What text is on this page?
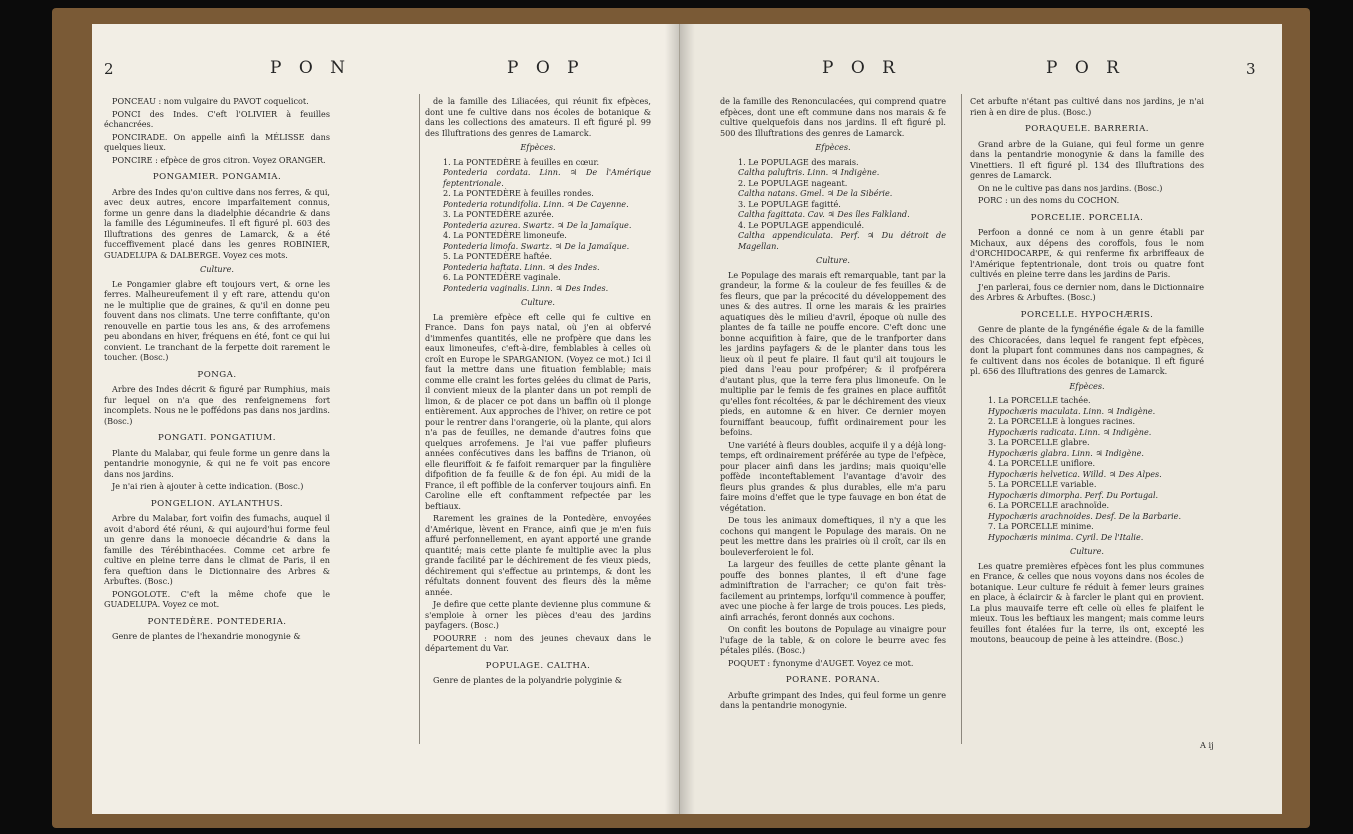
2	P O N	P O P

PONCEAU : nom vulgaire du PAVOT coquelicot.

PONCI des Indes. C'eft l'OLIVIER à feuilles échancrées.

PONCIRADE. On appelle ainfi la MÉLISSE dans quelques lieux.

PONCIRE : efpèce de gros citron. Voyez ORANGER.

PONGAMIER. PONGAMIA.

Arbre des Indes qu'on cultive dans nos ferres, & qui, avec deux autres, encore imparfaitement connus, forme un genre dans la diadelphie décandrie & dans la famille des Légumineufes. Il eft figuré pl. 603 des Illuftrations des genres de Lamarck, & a été fucceffivement placé dans les genres ROBINIER, GUADELUPA & DALBERGE. Voyez ces mots.

Culture.

Le Pongamier glabre eft toujours vert, & orne les ferres. Malheureufement il y eft rare, attendu qu'on ne le multiplie que de graines, & qu'il en donne peu fouvent dans nos climats. Une terre confiftante, qu'on renouvelle en partie tous les ans, & des arrofemens peu abondans en hiver, fréquens en été, font ce qui lui convient. Le tranchant de la ferpette doit rarement le toucher. (Bosc.)

PONGA.

Arbre des Indes décrit & figuré par Rumphius, mais fur lequel on n'a que des renfeignemens fort incomplets. Nous ne le poffédons pas dans nos jardins. (Bosc.)

PONGATI. PONGATIUM.

Plante du Malabar, qui feule forme un genre dans la pentandrie monogynie, & qui ne fe voit pas encore dans nos jardins.

Je n'ai rien à ajouter à cette indication. (Bosc.)

PONGELION. AYLANTHUS.

Arbre du Malabar, fort voifin des fumachs, auquel il avoit d'abord été réuni, & qui aujourd'hui forme feul un genre dans la monoecie décandrie & dans la famille des Térébinthacées. Comme cet arbre fe cultive en pleine terre dans le climat de Paris, il en fera queftion dans le Dictionnaire des Arbres & Arbuftes. (Bosc.)

PONGOLOTE. C'eft la même chofe que le GUADELUPA. Voyez ce mot.

PONTEDÈRE. PONTEDERIA.

Genre de plantes de l'hexandrie monogynie &

de la famille des Liliacées, qui réunit fix efpèces, dont une fe cultive dans nos écoles de botanique & dans les collections des amateurs. Il eft figuré pl. 99 des Illuftrations des genres de Lamarck.

Efpèces.

1. La PONTEDÈRE à feuilles en cœur.

Pontederia cordata. Linn. ♃ De l'Amérique feptentrionale.

2. La PONTEDÈRE à feuilles rondes.

Pontederia rotundifolia. Linn. ♃ De Cayenne.

3. La PONTEDÈRE azurée.

Pontederia azurea. Swartz. ♃ De la Jamaïque.

4. La PONTEDÈRE limoneufe.

Pontederia limofa. Swartz. ♃ De la Jamaïque.

5. La PONTEDÈRE haftée.

Pontederia haftata. Linn. ♃ des Indes.

6. La PONTEDÈRE vaginale.

Pontederia vaginalis. Linn. ♃ Des Indes.

Culture.

La première efpèce eft celle qui fe cultive en France. Dans fon pays natal, où j'en ai obfervé d'immenfes quantités, elle ne profpère que dans les eaux limoneufes, c'eft-à-dire, femblables à celles où croît en Europe le SPARGANION. (Voyez ce mot.) Ici il faut la mettre dans une fituation femblable; mais comme elle craint les fortes gelées du climat de Paris, il convient mieux de la planter dans un pot rempli de limon, & de placer ce pot dans un baffin où il plonge entièrement. Aux approches de l'hiver, on retire ce pot pour le rentrer dans l'orangerie, où la plante, qui alors n'a pas de feuilles, ne demande d'autres foins que quelques arrofemens. Je l'ai vue paffer plufieurs années confécutives dans les baffins de Trianon, où elle fleuriffoit & fe faifoit remarquer par la fingulière difpofition de fa feuille & de fon épi. Au midi de la France, il eft poffible de la conferver toujours ainfi. En Caroline elle eft conftamment refpectée par les beftiaux.

Rarement les graines de la Pontedère, envoyées d'Amérique, lèvent en France, ainfi que je m'en fuis affuré perfonnellement, en ayant apporté une grande quantité; mais cette plante fe multiplie avec la plus grande facilité par le déchirement de fes vieux pieds, déchirement qui s'effectue au printemps, & dont les réfultats donnent fouvent des fleurs dès la même année.

Je defire que cette plante devienne plus commune & s'emploie à orner les pièces d'eau des jardins payfagers. (Bosc.)

POOURRE : nom des jeunes chevaux dans le département du Var.

POPULAGE. CALTHA.

Genre de plantes de la polyandrie polyginie &

P O R	P O R	3

de la famille des Renonculacées, qui comprend quatre efpèces, dont une eft commune dans nos marais & fe cultive quelquefois dans nos jardins. Il eft figuré pl. 500 des Illuftrations des genres de Lamarck.

Efpèces.

1. Le POPULAGE des marais.

Caltha paluftris. Linn. ♃ Indigène.

2. Le POPULAGE nageant.

Caltha natans. Gmel. ♃ De la Sibérie.

3. Le POPULAGE fagitté.

Caltha fagittata. Cav. ♃ Des îles Falkland.

4. Le POPULAGE appendiculé.

Caltha appendiculata. Perf. ♃ Du détroit de Magellan.

Culture.

Le Populage des marais eft remarquable, tant par la grandeur, la forme & la couleur de fes feuilles & de fes fleurs, que par la précocité du développement des unes & des autres. Il orne les marais & les prairies aquatiques dès le milieu d'avril, époque où nulle des plantes de fa taille ne pouffe encore. C'eft donc une bonne acquifition à faire, que de le tranfporter dans les jardins payfagers & de le planter dans tous les lieux où il peut fe plaire. Il faut qu'il ait toujours le pied dans l'eau pour profpérer; & il profpérera d'autant plus, que la terre fera plus limoneufe. On le multiplie par le femis de fes graines en place auffitôt qu'elles font récoltées, & par le déchirement des vieux pieds, en automne & en hiver. Ce dernier moyen fourniffant beaucoup, fuffit ordinairement pour les befoins.

Une variété à fleurs doubles, acquife il y a déjà long-temps, eft ordinairement préférée au type de l'efpèce, pour placer ainfi dans les jardins; mais quoiqu'elle poffède inconteftablement l'avantage d'avoir des fleurs plus grandes & plus durables, elle m'a paru faire moins d'effet que le type fauvage en bon état de végétation.

De tous les animaux domeftiques, il n'y a que les cochons qui mangent le Populage des marais. On ne peut les mettre dans les prairies où il croît, car ils en bouleverferoient le fol.

La largeur des feuilles de cette plante gênant la pouffe des bonnes plantes, il eft d'une fage adminiftration de l'arracher; ce qu'on fait très-facilement au printemps, lorfqu'il commence à pouffer, avec une pioche à fer large de trois pouces. Les pieds, ainfi arrachés, feront donnés aux cochons.

On confit les boutons de Populage au vinaigre pour l'ufage de la table, & on colore le beurre avec fes pétales pilés. (Bosc.)

POQUET : fynonyme d'AUGET. Voyez ce mot.

PORANE. PORANA.

Arbufte grimpant des Indes, qui feul forme un genre dans la pentandrie monogynie.

Cet arbufte n'étant pas cultivé dans nos jardins, je n'ai rien à en dire de plus. (Bosc.)

PORAQUELE. BARRERIA.

Grand arbre de la Guiane, qui feul forme un genre dans la pentandrie monogynie & dans la famille des Vinettiers. Il eft figuré pl. 134 des Illuftrations des genres de Lamarck.

On ne le cultive pas dans nos jardins. (Bosc.)

PORC : un des noms du COCHON.

PORCELIE. PORCELIA.

Perfoon a donné ce nom à un genre établi par Michaux, aux dépens des coroffols, fous le nom d'ORCHIDOCARPE, & qui renferme fix arbriffeaux de l'Amérique feptentrionale, dont trois ou quatre font cultivés en pleine terre dans les jardins de Paris.

J'en parlerai, fous ce dernier nom, dans le Dictionnaire des Arbres & Arbuftes. (Bosc.)

PORCELLE. HYPOCHÆRIS.

Genre de plante de la fyngénéfie égale & de la famille des Chicoracées, dans lequel fe rangent fept efpèces, dont la plupart font communes dans nos campagnes, & fe cultivent dans nos écoles de botanique. Il eft figuré pl. 656 des Illuftrations des genres de Lamarck.

Efpèces.

1. La PORCELLE tachée.

Hypochæris maculata. Linn. ♃ Indigène.

2. La PORCELLE à longues racines.

Hypochæris radicata. Linn. ♃ Indigène.

3. La PORCELLE glabre.

Hypochæris glabra. Linn. ♃ Indigène.

4. La PORCELLE uniflore.

Hypochæris helvetica. Willd. ♃ Des Alpes.

5. La PORCELLE variable.

Hypochæris dimorpha. Perf. Du Portugal.

6. La PORCELLE arachnoïde.

Hypochæris arachnoides. Desf. De la Barbarie.

7. La PORCELLE minime.

Hypochæris minima. Cyril. De l'Italie.

Culture.

Les quatre premières efpèces font les plus communes en France, & celles que nous voyons dans nos écoles de botanique. Leur culture fe réduit à femer leurs graines en place, à éclaircir & à farcler le plant qui en provient. La plus mauvaife terre eft celle où elles fe plaifent le mieux. Tous les beftiaux les mangent; mais comme leurs feuilles font étalées fur la terre, ils ont, excepté les moutons, beaucoup de peine à les atteindre. (Bosc.)

A ij
